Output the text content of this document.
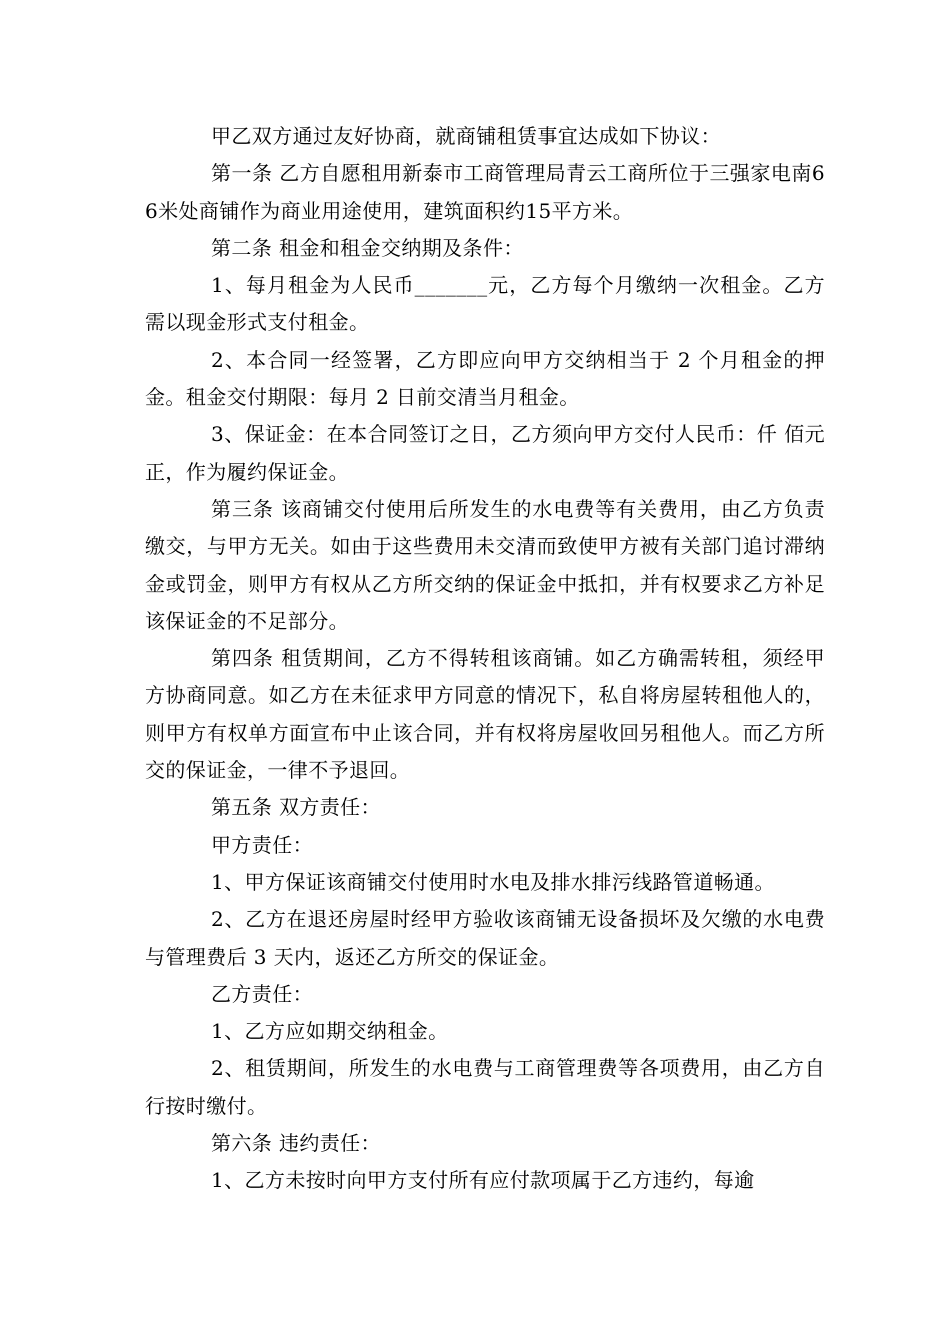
甲乙双方通过友好协商，就商铺租赁事宜达成如下协议：

第一条 乙方自愿租用新泰市工商管理局青云工商所位于三强家电南66米处商铺作为商业用途使用，建筑面积约15平方米。

第二条 租金和租金交纳期及条件：

1、每月租金为人民币_______元，乙方每个月缴纳一次租金。乙方需以现金形式支付租金。

2、本合同一经签署，乙方即应向甲方交纳相当于 2 个月租金的押金。租金交付期限：每月 2 日前交清当月租金。

3、保证金：在本合同签订之日，乙方须向甲方交付人民币：仟 佰元正，作为履约保证金。

第三条 该商铺交付使用后所发生的水电费等有关费用，由乙方负责缴交，与甲方无关。如由于这些费用未交清而致使甲方被有关部门追讨滞纳金或罚金，则甲方有权从乙方所交纳的保证金中抵扣，并有权要求乙方补足该保证金的不足部分。

第四条 租赁期间，乙方不得转租该商铺。如乙方确需转租，须经甲方协商同意。如乙方在未征求甲方同意的情况下，私自将房屋转租他人的，则甲方有权单方面宣布中止该合同，并有权将房屋收回另租他人。而乙方所交的保证金，一律不予退回。

第五条 双方责任：

甲方责任：

1、甲方保证该商铺交付使用时水电及排水排污线路管道畅通。

2、乙方在退还房屋时经甲方验收该商铺无设备损坏及欠缴的水电费与管理费后 3 天内，返还乙方所交的保证金。

乙方责任：

1、乙方应如期交纳租金。

2、租赁期间，所发生的水电费与工商管理费等各项费用，由乙方自行按时缴付。

第六条 违约责任：

1、乙方未按时向甲方支付所有应付款项属于乙方违约，每逾
